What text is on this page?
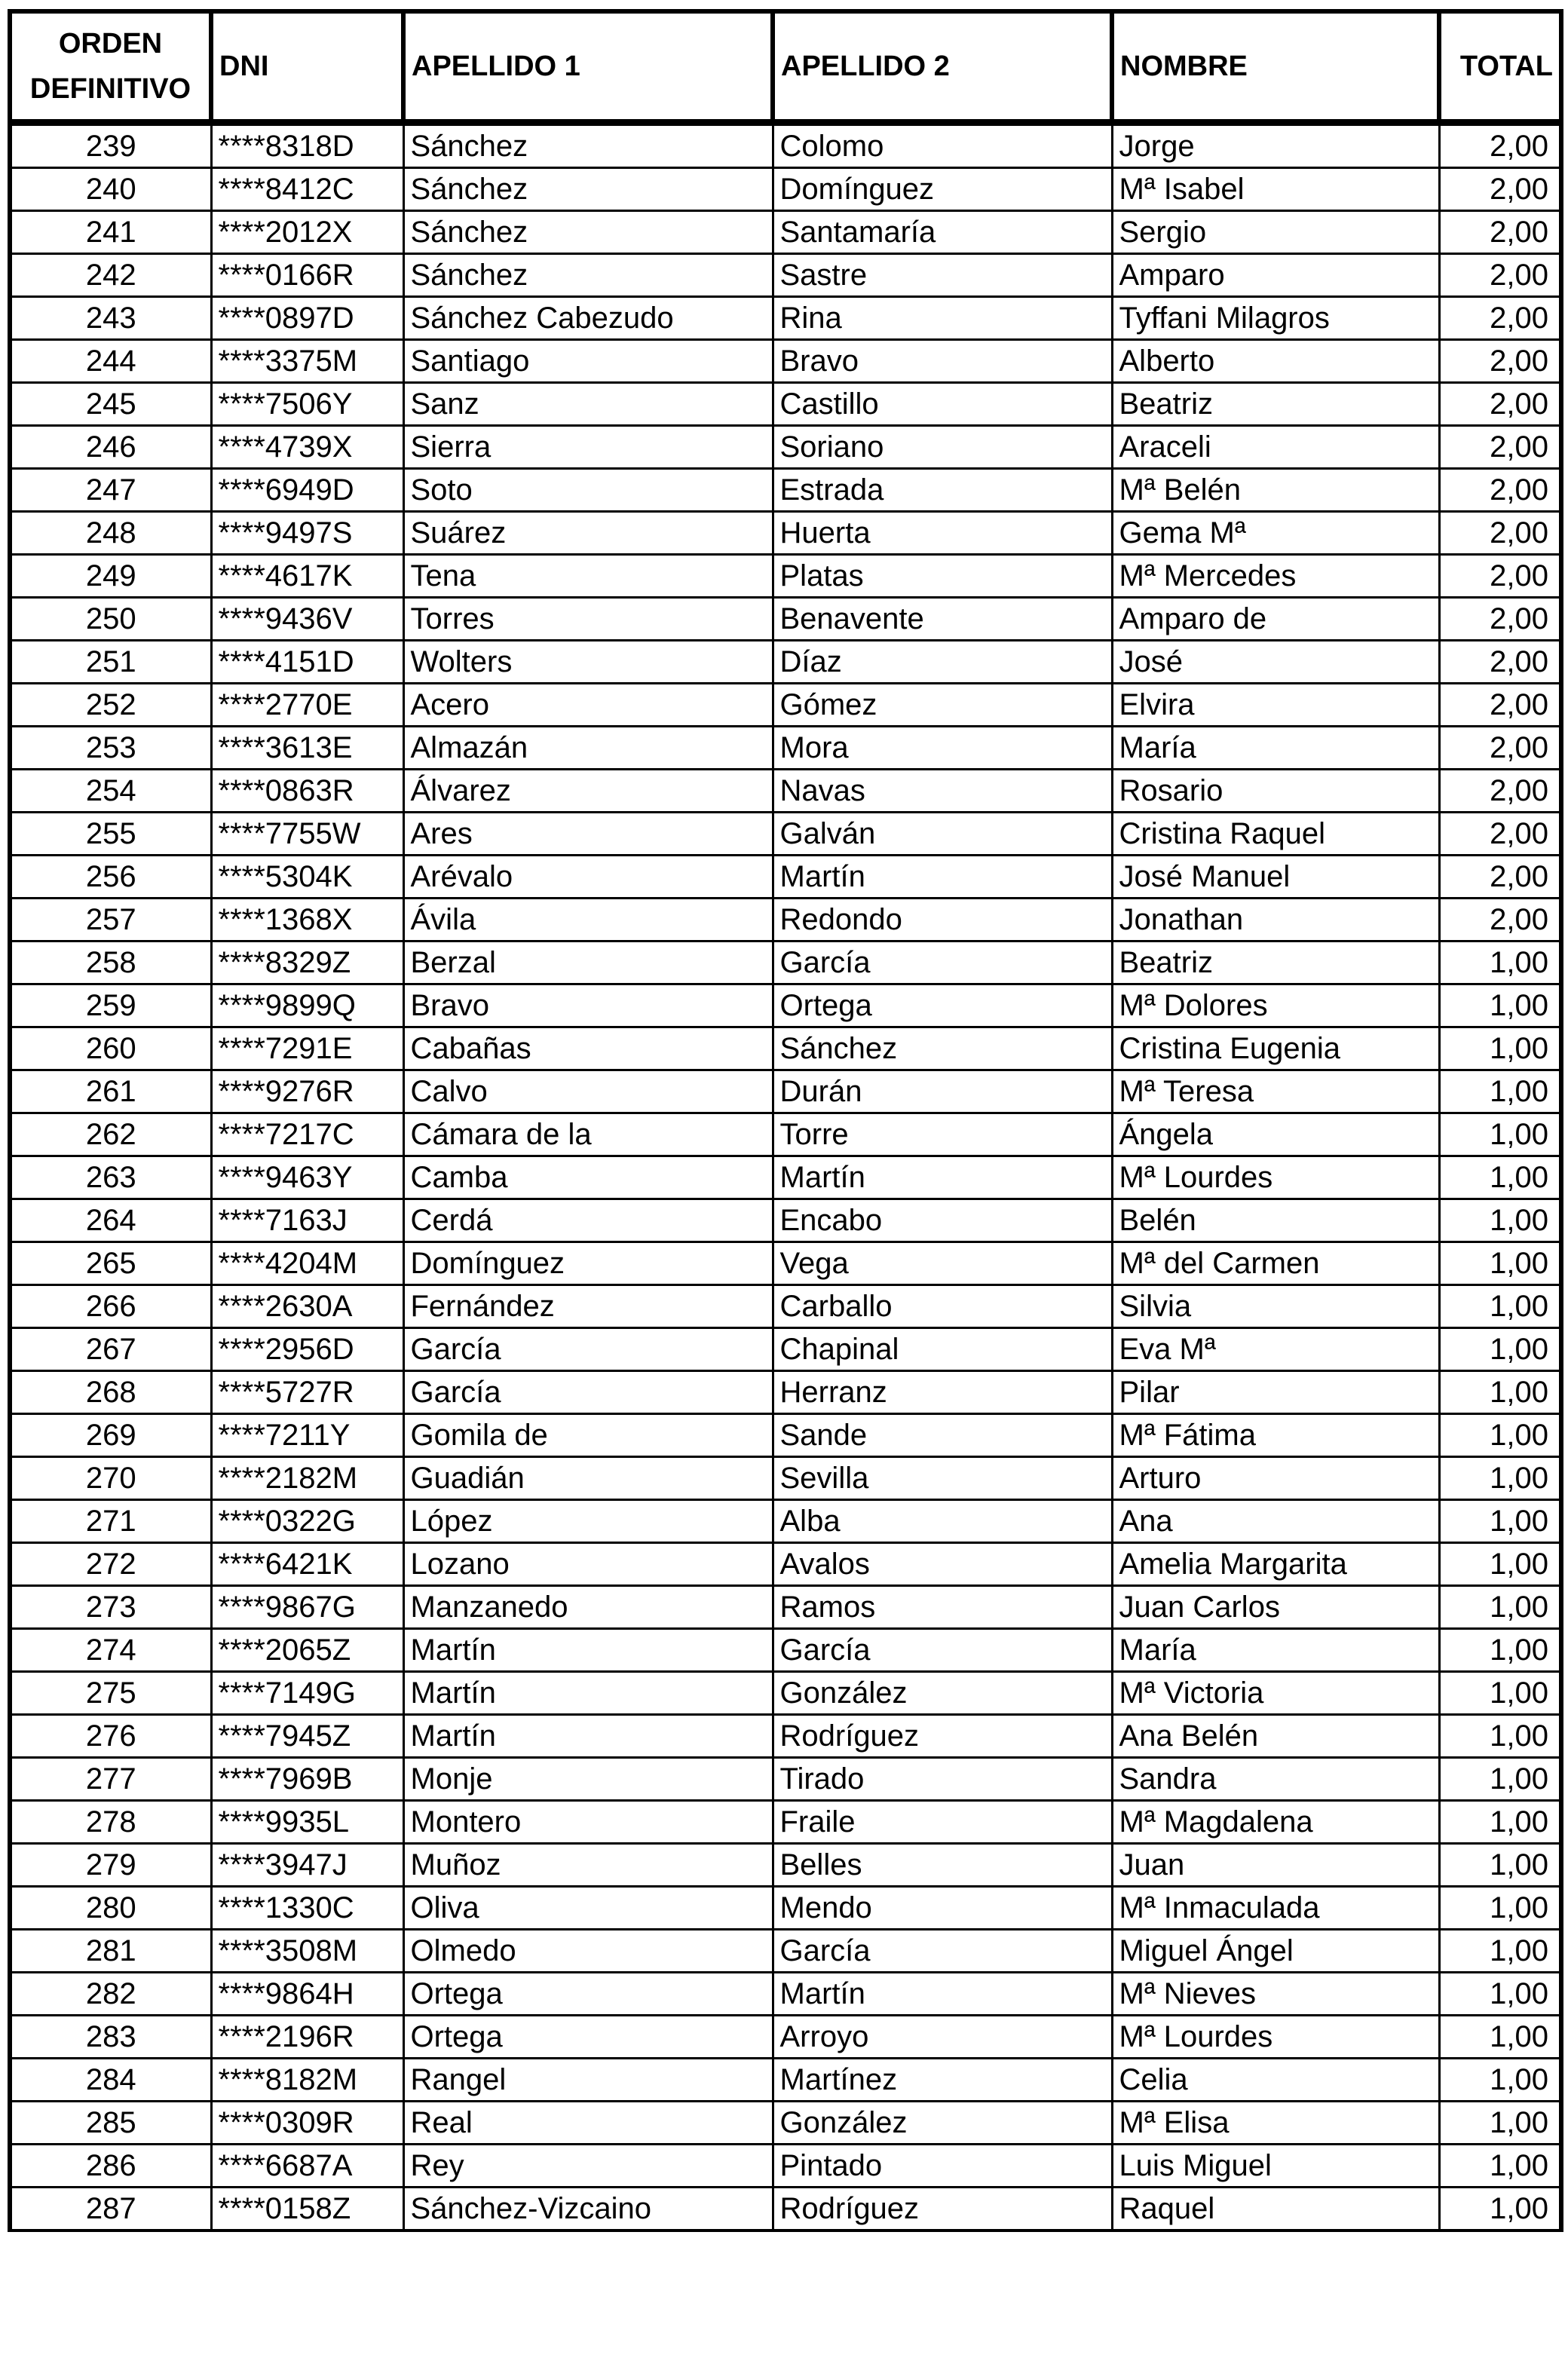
ORDEN
DEFINITIVO	DNI	APELLIDO 1	APELLIDO 2	NOMBRE	TOTAL
239	****8318D	Sánchez	Colomo	Jorge	2,00
240	****8412C	Sánchez	Domínguez	Mª Isabel	2,00
241	****2012X	Sánchez	Santamaría	Sergio	2,00
242	****0166R	Sánchez	Sastre	Amparo	2,00
243	****0897D	Sánchez Cabezudo	Rina	Tyffani Milagros	2,00
244	****3375M	Santiago	Bravo	Alberto	2,00
245	****7506Y	Sanz	Castillo	Beatriz	2,00
246	****4739X	Sierra	Soriano	Araceli	2,00
247	****6949D	Soto	Estrada	Mª Belén	2,00
248	****9497S	Suárez	Huerta	Gema Mª	2,00
249	****4617K	Tena	Platas	Mª Mercedes	2,00
250	****9436V	Torres	Benavente	Amparo de	2,00
251	****4151D	Wolters	Díaz	José	2,00
252	****2770E	Acero	Gómez	Elvira	2,00
253	****3613E	Almazán	Mora	María	2,00
254	****0863R	Álvarez	Navas	Rosario	2,00
255	****7755W	Ares	Galván	Cristina Raquel	2,00
256	****5304K	Arévalo	Martín	José Manuel	2,00
257	****1368X	Ávila	Redondo	Jonathan	2,00
258	****8329Z	Berzal	García	Beatriz	1,00
259	****9899Q	Bravo	Ortega	Mª Dolores	1,00
260	****7291E	Cabañas	Sánchez	Cristina Eugenia	1,00
261	****9276R	Calvo	Durán	Mª Teresa	1,00
262	****7217C	Cámara de la	Torre	Ángela	1,00
263	****9463Y	Camba	Martín	Mª Lourdes	1,00
264	****7163J	Cerdá	Encabo	Belén	1,00
265	****4204M	Domínguez	Vega	Mª del Carmen	1,00
266	****2630A	Fernández	Carballo	Silvia	1,00
267	****2956D	García	Chapinal	Eva Mª	1,00
268	****5727R	García	Herranz	Pilar	1,00
269	****7211Y	Gomila de	Sande	Mª Fátima	1,00
270	****2182M	Guadián	Sevilla	Arturo	1,00
271	****0322G	López	Alba	Ana	1,00
272	****6421K	Lozano	Avalos	Amelia Margarita	1,00
273	****9867G	Manzanedo	Ramos	Juan Carlos	1,00
274	****2065Z	Martín	García	María	1,00
275	****7149G	Martín	González	Mª Victoria	1,00
276	****7945Z	Martín	Rodríguez	Ana Belén	1,00
277	****7969B	Monje	Tirado	Sandra	1,00
278	****9935L	Montero	Fraile	Mª Magdalena	1,00
279	****3947J	Muñoz	Belles	Juan	1,00
280	****1330C	Oliva	Mendo	Mª Inmaculada	1,00
281	****3508M	Olmedo	García	Miguel Ángel	1,00
282	****9864H	Ortega	Martín	Mª Nieves	1,00
283	****2196R	Ortega	Arroyo	Mª Lourdes	1,00
284	****8182M	Rangel	Martínez	Celia	1,00
285	****0309R	Real	González	Mª Elisa	1,00
286	****6687A	Rey	Pintado	Luis Miguel	1,00
287	****0158Z	Sánchez-Vizcaino	Rodríguez	Raquel	1,00
